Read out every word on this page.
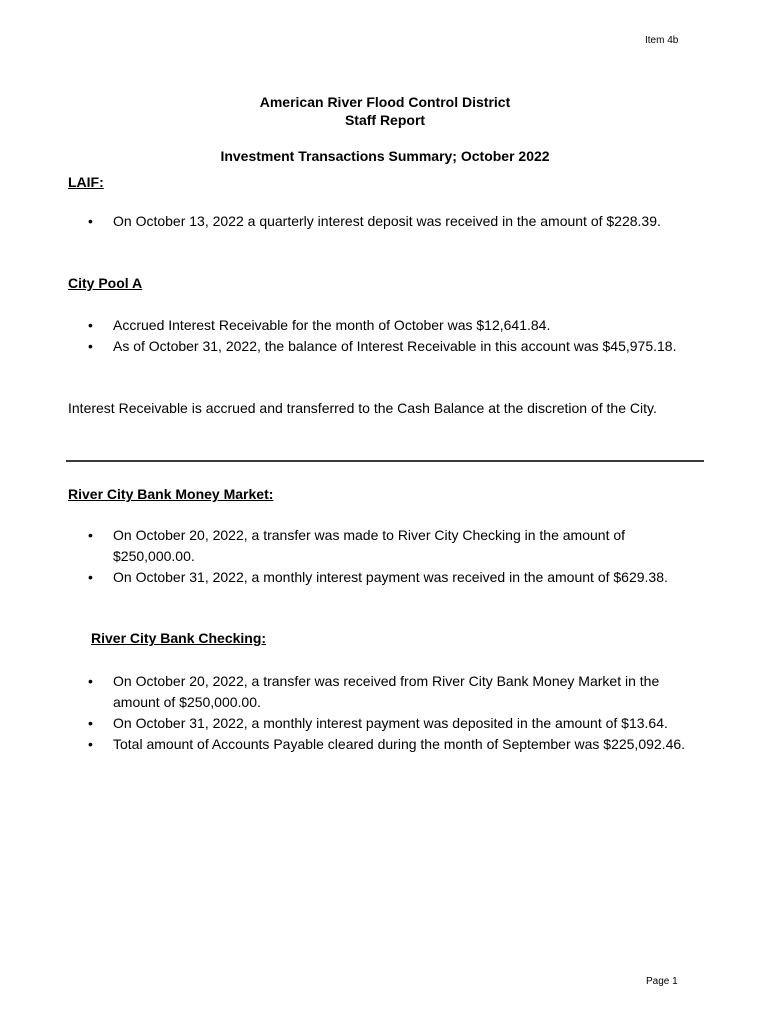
Item 4b
American River Flood Control District
Staff Report
Investment Transactions Summary; October 2022
LAIF:
• On October 13, 2022 a quarterly interest deposit was received in the amount of $228.39.
City Pool A
• Accrued Interest Receivable for the month of October was $12,641.84.
• As of October 31, 2022, the balance of Interest Receivable in this account was $45,975.18.

Interest Receivable is accrued and transferred to the Cash Balance at the discretion of the City.

River City Bank Money Market:
• On October 20, 2022, a transfer was made to River City Checking in the amount of $250,000.00.
• On October 31, 2022, a monthly interest payment was received in the amount of $629.38.
River City Bank Checking:
• On October 20, 2022, a transfer was received from River City Bank Money Market in the amount of $250,000.00.
• On October 31, 2022, a monthly interest payment was deposited in the amount of $13.64.
• Total amount of Accounts Payable cleared during the month of September was $225,092.46.
Page 1
